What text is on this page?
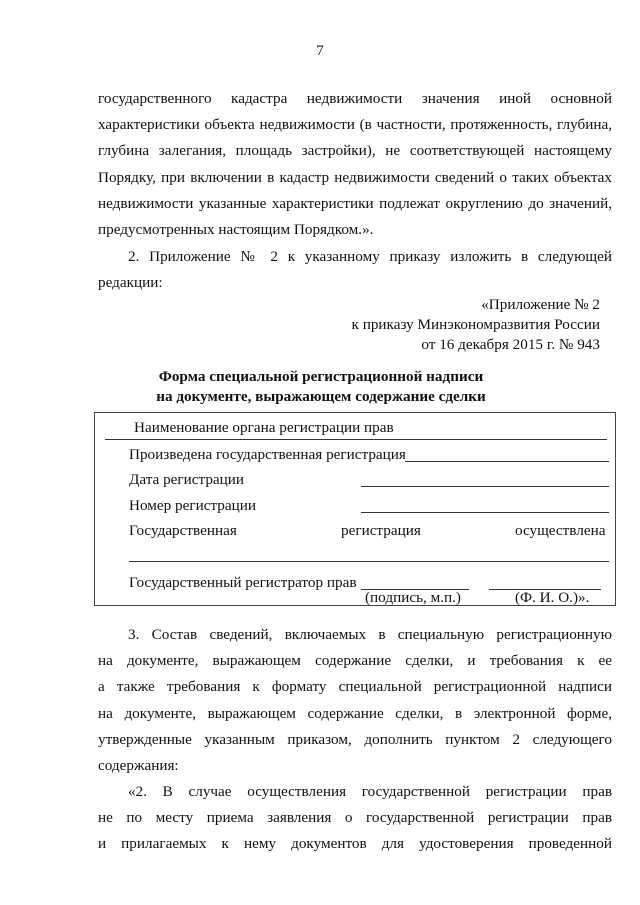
7
государственного кадастра недвижимости значения иной основной
характеристики объекта недвижимости (в частности, протяженность, глубина,
глубина залегания, площадь застройки), не соответствующей настоящему
Порядку, при включении в кадастр недвижимости сведений о таких объектах
недвижимости указанные характеристики подлежат округлению до значений,
предусмотренных настоящим Порядком.».
2. Приложение № 2 к указанному приказу изложить в следующей
редакции:
«Приложение № 2
к приказу Минэкономразвития России
от 16 декабря 2015 г. № 943
Форма специальной регистрационной надписи
на документе, выражающем содержание сделки
Наименование органа регистрации прав
Произведена государственная регистрация
Дата регистрации
Номер регистрации
Государственная	регистрация	осуществлена
Государственный регистратор прав
(подпись, м.п.)	(Ф. И. О.)».
3. Состав сведений, включаемых в специальную регистрационную
на документе, выражающем содержание сделки, и требования к ее
а также требования к формату специальной регистрационной надписи
на документе, выражающем содержание сделки, в электронной форме,
утвержденные указанным приказом, дополнить пунктом 2 следующего
содержания:
«2. В случае осуществления государственной регистрации прав
не по месту приема заявления о государственной регистрации прав
и прилагаемых к нему документов для удостоверения проведенной
